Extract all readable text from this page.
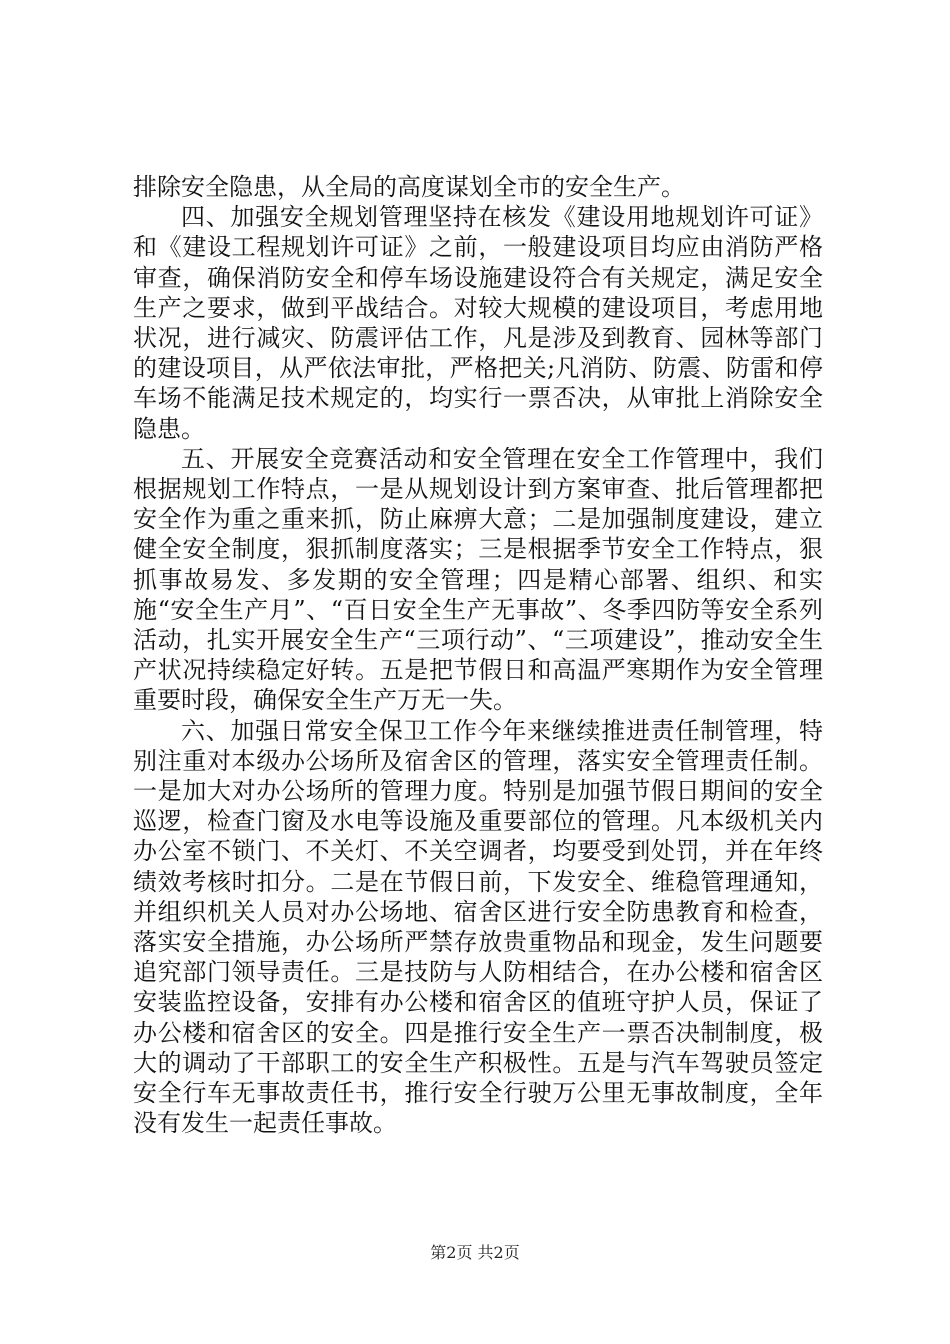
排除安全隐患，从全局的高度谋划全市的安全生产。

四、加强安全规划管理坚持在核发《建设用地规划许可证》和《建设工程规划许可证》之前，一般建设项目均应由消防严格审查，确保消防安全和停车场设施建设符合有关规定，满足安全生产之要求，做到平战结合。对较大规模的建设项目，考虑用地状况，进行减灾、防震评估工作，凡是涉及到教育、园林等部门的建设项目，从严依法审批，严格把关;凡消防、防震、防雷和停车场不能满足技术规定的，均实行一票否决，从审批上消除安全隐患。

五、开展安全竞赛活动和安全管理在安全工作管理中，我们根据规划工作特点，一是从规划设计到方案审查、批后管理都把安全作为重之重来抓，防止麻痹大意；二是加强制度建设，建立健全安全制度，狠抓制度落实；三是根据季节安全工作特点，狠抓事故易发、多发期的安全管理；四是精心部署、组织、和实施“安全生产月”、“百日安全生产无事故”、冬季四防等安全系列活动，扎实开展安全生产“三项行动”、“三项建设”，推动安全生产状况持续稳定好转。五是把节假日和高温严寒期作为安全管理重要时段，确保安全生产万无一失。

六、加强日常安全保卫工作今年来继续推进责任制管理，特别注重对本级办公场所及宿舍区的管理，落实安全管理责任制。一是加大对办公场所的管理力度。特别是加强节假日期间的安全巡逻，检查门窗及水电等设施及重要部位的管理。凡本级机关内办公室不锁门、不关灯、不关空调者，均要受到处罚，并在年终绩效考核时扣分。二是在节假日前，下发安全、维稳管理通知，并组织机关人员对办公场地、宿舍区进行安全防患教育和检查，落实安全措施，办公场所严禁存放贵重物品和现金，发生问题要追究部门领导责任。三是技防与人防相结合，在办公楼和宿舍区安装监控设备，安排有办公楼和宿舍区的值班守护人员，保证了办公楼和宿舍区的安全。四是推行安全生产一票否决制制度，极大的调动了干部职工的安全生产积极性。五是与汽车驾驶员签定安全行车无事故责任书，推行安全行驶万公里无事故制度，全年没有发生一起责任事故。

第2页 共2页
